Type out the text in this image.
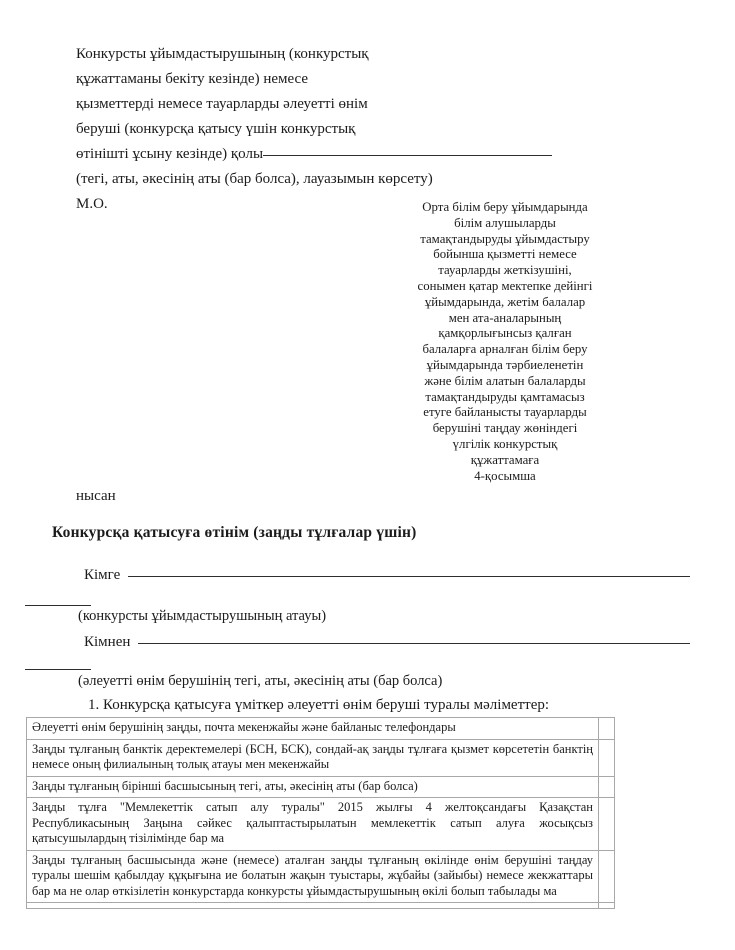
Конкурсты ұйымдастырушының (конкурстық
құжаттаманы бекіту кезінде) немесе
қызметтерді немесе тауарларды әлеуетті өнім
беруші (конкурсқа қатысу үшін конкурстық
өтінішті ұсыну кезінде) қолы
(тегі, аты, әкесінің аты (бар болса), лауазымын көрсету)
М.О.	Орта білім беру ұйымдарында
білім алушыларды
тамақтандыруды ұйымдастыру
бойынша қызметті немесе
тауарларды жеткізушіні,
сонымен қатар мектепке дейінгі
ұйымдарында, жетім балалар
мен ата-аналарының
қамқорлығынсыз қалған
балаларға арналған білім беру
ұйымдарында тәрбиеленетін
және білім алатын балаларды
тамақтандыруды қамтамасыз
етуге байланысты тауарларды
берушіні таңдау жөніндегі
үлгілік конкурстық
құжаттамаға
4-қосымша
нысан
Конкурсқа қатысуға өтінім (заңды тұлғалар үшін)
Кімге
(конкурсты ұйымдастырушының атауы)
Кімнен
(әлеуетті өнім берушінің тегі, аты, әкесінің аты (бар болса)
1. Конкурсқа қатысуға үміткер әлеуетті өнім беруші туралы мәліметтер:
Әлеуетті өнім берушінің заңды, почта мекенжайы және байланыс телефондары	
Заңды тұлғаның банктік деректемелері (БСН, БСК), сондай-ақ заңды тұлғаға қызмет көрсететін банктің немесе оның филиалының толық атауы мен мекенжайы	
Заңды тұлғаның бірінші басшысының тегі, аты, әкесінің аты (бар болса)	
Заңды тұлға "Мемлекеттік сатып алу туралы" 2015 жылғы 4 желтоқсандағы Қазақстан Республикасының Заңына сәйкес қалыптастырылатын мемлекеттік сатып алуға жосықсыз қатысушылардың тізілімінде бар ма	
Заңды тұлғаның басшысында және (немесе) аталған заңды тұлғаның өкілінде өнім берушіні таңдау туралы шешім қабылдау құқығына ие болатын жақын туыстары, жұбайы (зайыбы) немесе жекжаттары бар ма не олар өткізілетін конкурстарда конкурсты ұйымдастырушының өкілі болып табылады ма	
